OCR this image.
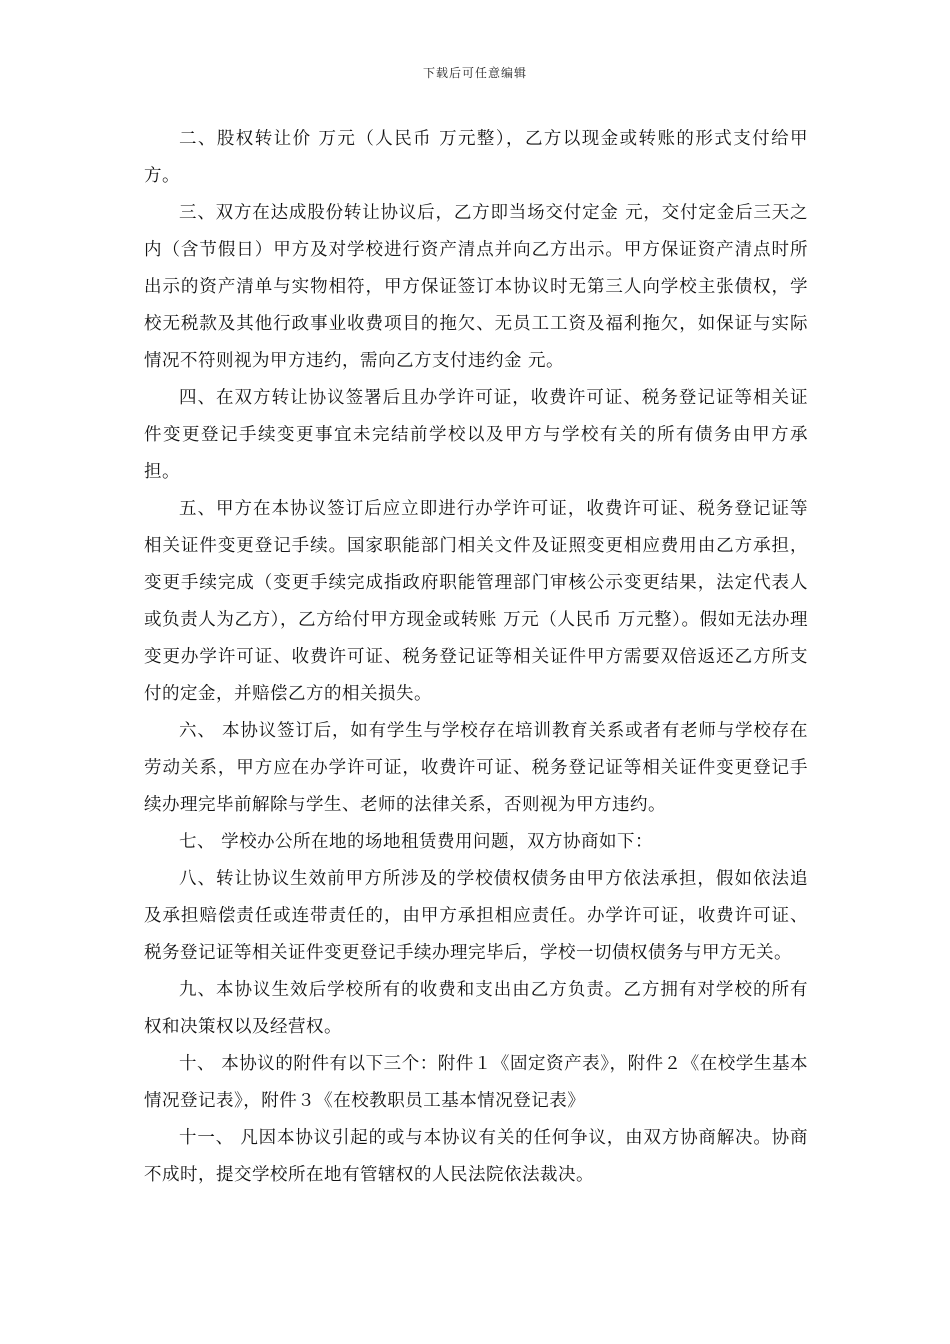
下载后可任意编辑

二、股权转让价 万元（人民币 万元整），乙方以现金或转账的形式支付给甲方。

三、双方在达成股份转让协议后，乙方即当场交付定金 元，交付定金后三天之内（含节假日）甲方及对学校进行资产清点并向乙方出示。甲方保证资产清点时所出示的资产清单与实物相符，甲方保证签订本协议时无第三人向学校主张债权，学校无税款及其他行政事业收费项目的拖欠、无员工工资及福利拖欠，如保证与实际情况不符则视为甲方违约，需向乙方支付违约金 元。

四、在双方转让协议签署后且办学许可证，收费许可证、税务登记证等相关证件变更登记手续变更事宜未完结前学校以及甲方与学校有关的所有债务由甲方承担。

五、甲方在本协议签订后应立即进行办学许可证，收费许可证、税务登记证等相关证件变更登记手续。国家职能部门相关文件及证照变更相应费用由乙方承担，变更手续完成（变更手续完成指政府职能管理部门审核公示变更结果，法定代表人或负责人为乙方），乙方给付甲方现金或转账 万元（人民币 万元整）。假如无法办理变更办学许可证、收费许可证、税务登记证等相关证件甲方需要双倍返还乙方所支付的定金，并赔偿乙方的相关损失。

六、 本协议签订后，如有学生与学校存在培训教育关系或者有老师与学校存在劳动关系，甲方应在办学许可证，收费许可证、税务登记证等相关证件变更登记手续办理完毕前解除与学生、老师的法律关系，否则视为甲方违约。

七、 学校办公所在地的场地租赁费用问题，双方协商如下：

八、转让协议生效前甲方所涉及的学校债权债务由甲方依法承担，假如依法追及承担赔偿责任或连带责任的，由甲方承担相应责任。办学许可证，收费许可证、税务登记证等相关证件变更登记手续办理完毕后，学校一切债权债务与甲方无关。

九、本协议生效后学校所有的收费和支出由乙方负责。乙方拥有对学校的所有权和决策权以及经营权。

十、 本协议的附件有以下三个：附件１《固定资产表》，附件２《在校学生基本情况登记表》，附件３《在校教职员工基本情况登记表》

十一、 凡因本协议引起的或与本协议有关的任何争议，由双方协商解决。协商不成时，提交学校所在地有管辖权的人民法院依法裁决。
